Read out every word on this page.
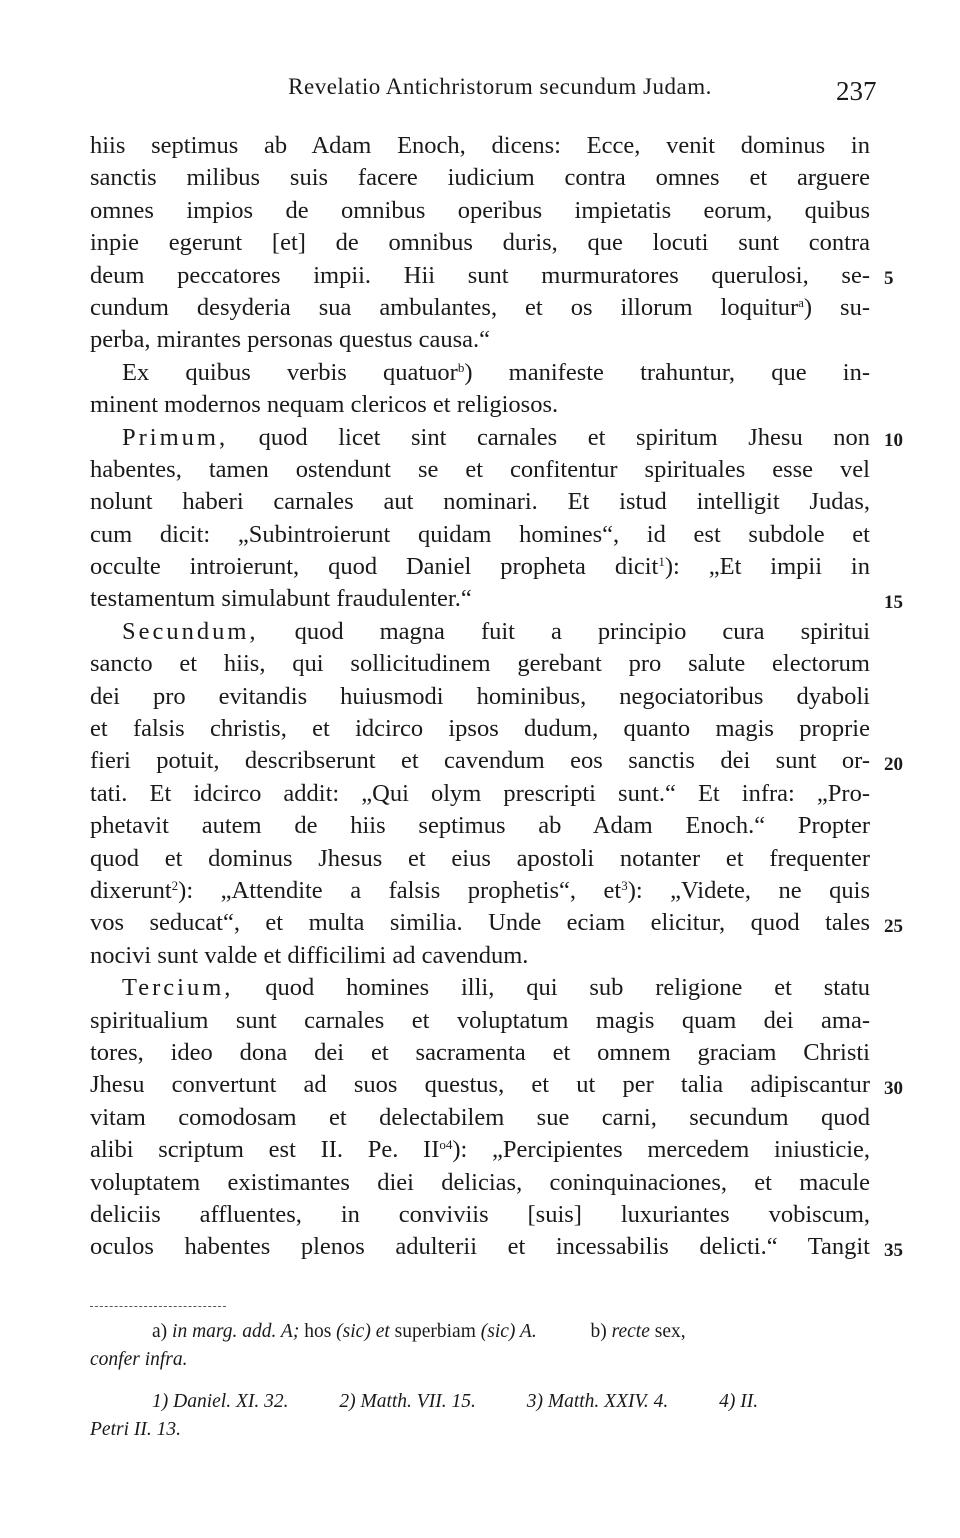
Revelatio Antichristorum secundum Judam.	237
hiis septimus ab Adam Enoch, dicens: Ecce, venit dominus in
sanctis milibus suis facere iudicium contra omnes et arguere
omnes impios de omnibus operibus impietatis eorum, quibus
inpie egerunt [et] de omnibus duris, que locuti sunt contra
deum peccatores impii. Hii sunt murmuratores querulosi, se-
cundum desyderia sua ambulantes, et os illorum loquitur$^a$) su-
perba, mirantes personas questus causa.“
Ex quibus verbis quatuor$^b$) manifeste trahuntur, que in-
minent modernos nequam clericos et religiosos.
Primum, quod licet sint carnales et spiritum Jhesu non
habentes, tamen ostendunt se et confitentur spirituales esse vel
nolunt haberi carnales aut nominari. Et istud intelligit Judas,
cum dicit: „Subintroierunt quidam homines“, id est subdole et
occulte introierunt, quod Daniel propheta dicit$^1$): „Et impii in
testamentum simulabunt fraudulenter.“
Secundum, quod magna fuit a principio cura spiritui
sancto et hiis, qui sollicitudinem gerebant pro salute electorum
dei pro evitandis huiusmodi hominibus, negociatoribus dyaboli
et falsis christis, et idcirco ipsos dudum, quanto magis proprie
fieri potuit, describserunt et cavendum eos sanctis dei sunt or-
tati. Et idcirco addit: „Qui olym prescripti sunt.“ Et infra: „Pro-
phetavit autem de hiis septimus ab Adam Enoch.“ Propter
quod et dominus Jhesus et eius apostoli notanter et frequenter
dixerunt$^2$): „Attendite a falsis prophetis“, $et^3$): „Videte, ne quis
vos seducat“, et multa similia. Unde eciam elicitur, quod tales
nocivi sunt valde et difficilimi ad cavendum.
Tercium, quod homines illi, qui sub religione et statu
spiritualium sunt carnales et voluptatum magis quam dei ama-
tores, ideo dona dei et sacramenta et omnem graciam Christi
Jhesu convertunt ad suos questus, et ut per talia adipiscantur
vitam comodosam et delectabilem sue carni, secundum quod
alibi scriptum est II. Pe. $II^{o4}$): „Percipientes mercedem iniusticie,
voluptatem existimantes diei delicias, coninquinaciones, et macule
deliciis affluentes, in conviviis [suis] luxuriantes vobiscum,
oculos habentes plenos adulterii et incessabilis delicti.“ Tangit
5
10
15
20
25
30
35
a) in marg. add. A; hos (sic) et superbiam (sic) A.	b) recte sex,
confer infra.
1) Daniel. XI. 32.	2) Matth. VII. 15.	3) Matth. XXIV. 4.	4) II.
Petri II. 13.
